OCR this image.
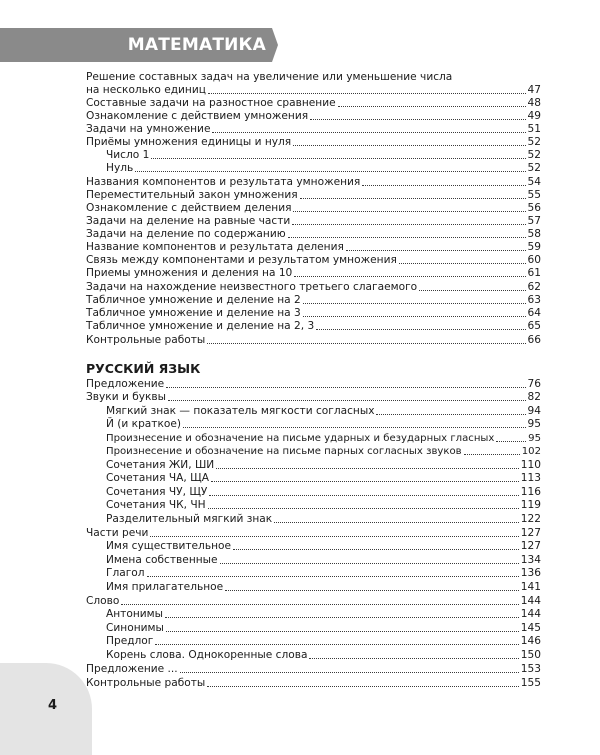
МАТЕМАТИКА
Решение составных задач на увеличение или уменьшение числа
на несколько единиц	47
Составные задачи на разностное сравнение	48
Ознакомление с действием умножения	49
Задачи на умножение	51
Приёмы умножения единицы и нуля	52
Число 1	52
Нуль	52
Названия компонентов и результата умножения	54
Переместительный закон умножения	55
Ознакомление с действием деления	56
Задачи на деление на равные части	57
Задачи на деление по содержанию	58
Название компонентов и результата деления	59
Связь между компонентами и результатом умножения	60
Приемы умножения и деления на 10	61
Задачи на нахождение неизвестного третьего слагаемого	62
Табличное умножение и деление на 2	63
Табличное умножение и деление на 3	64
Табличное умножение и деление на 2, 3	65
Контрольные работы	66
РУССКИЙ ЯЗЫК
Предложение	76
Звуки и буквы	82
Мягкий знак — показатель мягкости согласных	94
Й (и краткое)	95
Произнесение и обозначение на письме ударных и безударных гласных	95
Произнесение и обозначение на письме парных согласных звуков	102
Сочетания ЖИ, ШИ	110
Сочетания ЧА, ЩА	113
Сочетания ЧУ, ЩУ	116
Сочетания ЧК, ЧН	119
Разделительный мягкий знак	122
Части речи	127
Имя существительное	127
Имена собственные	134
Глагол	136
Имя прилагательное	141
Слово	144
Антонимы	144
Синонимы	145
Предлог	146
Корень слова. Однокоренные слова	150
Предложение ...	153
Контрольные работы	155
4
